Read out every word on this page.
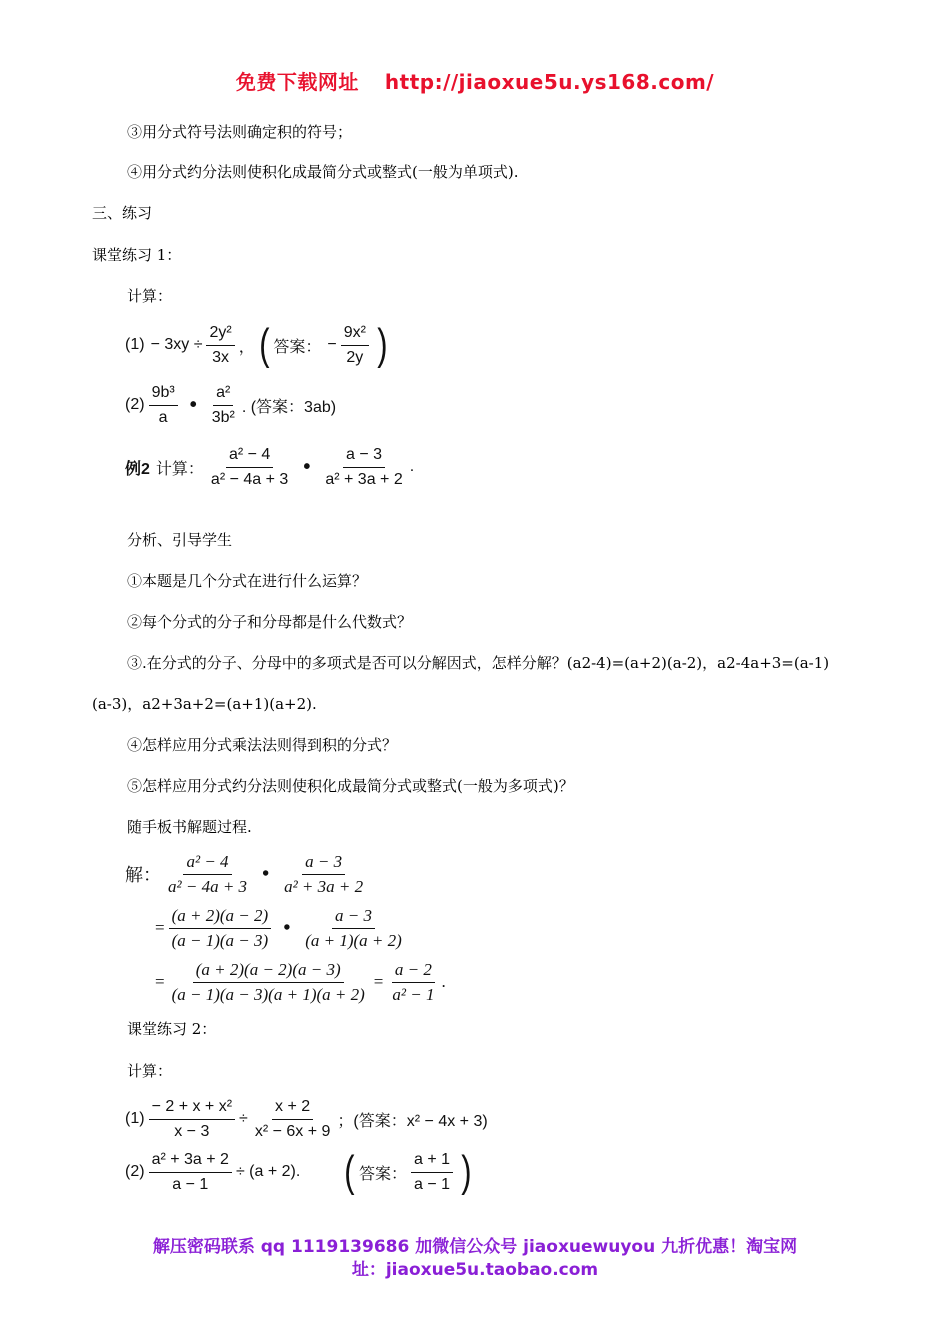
免费下载网址 http://jiaoxue5u.ys168.com/
③用分式符号法则确定积的符号；
④用分式约分法则使积化成最简分式或整式(一般为单项式).
三、练习
课堂练习 1：
计算：
$(1) - 3xy \div \frac{\text{2y²}}{3x}$ ， ( 答案： − $\frac{\text{9x²}}{2y}$ )
$(2) \frac{\text{9b³}}{a}$ • $\frac{\text{a²}}{\text{3b²}}$ . (答案：3ab)
例2 计算： $\frac{\text{a² − 4}}{\text{a² − 4a + 3}}$ • $\frac{a - 3}{\text{a² + 3a + 2}}$ .
分析、引导学生
①本题是几个分式在进行什么运算？
②每个分式的分子和分母都是什么代数式？
③.在分式的分子、分母中的多项式是否可以分解因式，怎样分解？(a2-4)=(a+2)(a-2)，a2-4a+3=(a-1)
(a-3)，a2+3a+2=(a+1)(a+2).
④怎样应用分式乘法法则得到积的分式？
⑤怎样应用分式约分法则使积化成最简分式或整式(一般为多项式)？
随手板书解题过程.
解： $\frac{\text{a² − 4}}{\text{a² − 4a + 3}}$ • $\frac{a - 3}{\text{a² + 3a + 2}}$
= $\frac{(a + 2)(a - 2)}{(a - 1)(a - 3)}$ • $\frac{a - 3}{(a + 1)(a + 2)}$
= $\frac{(a + 2)(a - 2)(a - 3)}{(a - 1)(a - 3)(a + 1)(a + 2)} = \frac{a - 2}{\text{a² − 1}}$ .
课堂练习 2：
计算：
$(1) \frac{\text{− 2 + x + x²}}{x - 3} \div \frac{x + 2}{\text{x² − 6x + 9}}$ ；(答案：x² − 4x + 3)
$(2) \frac{\text{a² + 3a + 2}}{a - 1} \div (a + 2)$. ( 答案： $\frac{a + 1}{a - 1}$ )
解压密码联系 qq 1119139686 加微信公众号 jiaoxuewuyou 九折优惠！淘宝网
址：jiaoxue5u.taobao.com
